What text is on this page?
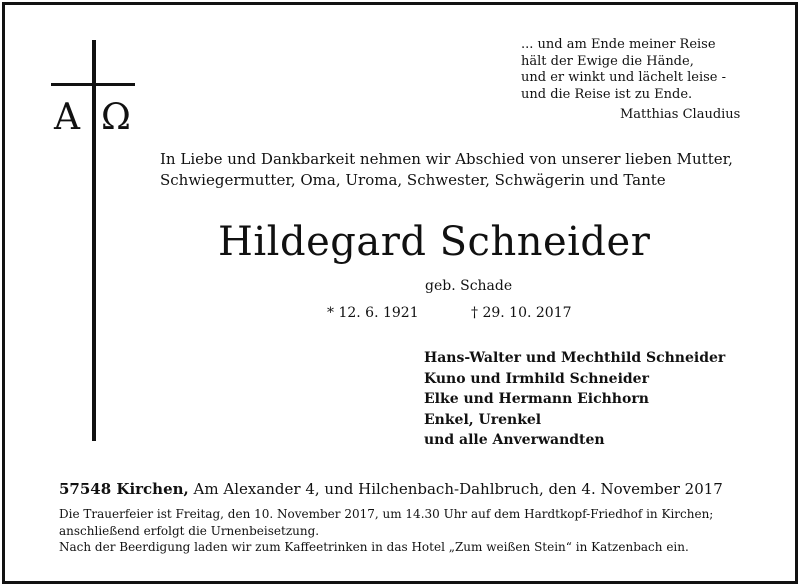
A Ω
... und am Ende meiner Reise
hält der Ewige die Hände,
und er winkt und lächelt leise -
und die Reise ist zu Ende.
Matthias Claudius
In Liebe und Dankbarkeit nehmen wir Abschied von unserer lieben Mutter,
Schwiegermutter, Oma, Uroma, Schwester, Schwägerin und Tante
Hildegard Schneider
geb. Schade
* 12. 6. 1921	† 29. 10. 2017
Hans-Walter und Mechthild Schneider
Kuno und Irmhild Schneider
Elke und Hermann Eichhorn
Enkel, Urenkel
und alle Anverwandten
57548 Kirchen, Am Alexander 4, und Hilchenbach-Dahlbruch, den 4. November 2017
Die Trauerfeier ist Freitag, den 10. November 2017, um 14.30 Uhr auf dem Hardtkopf-Friedhof in Kirchen;
anschließend erfolgt die Urnenbeisetzung.
Nach der Beerdigung laden wir zum Kaffeetrinken in das Hotel „Zum weißen Stein“ in Katzenbach ein.
